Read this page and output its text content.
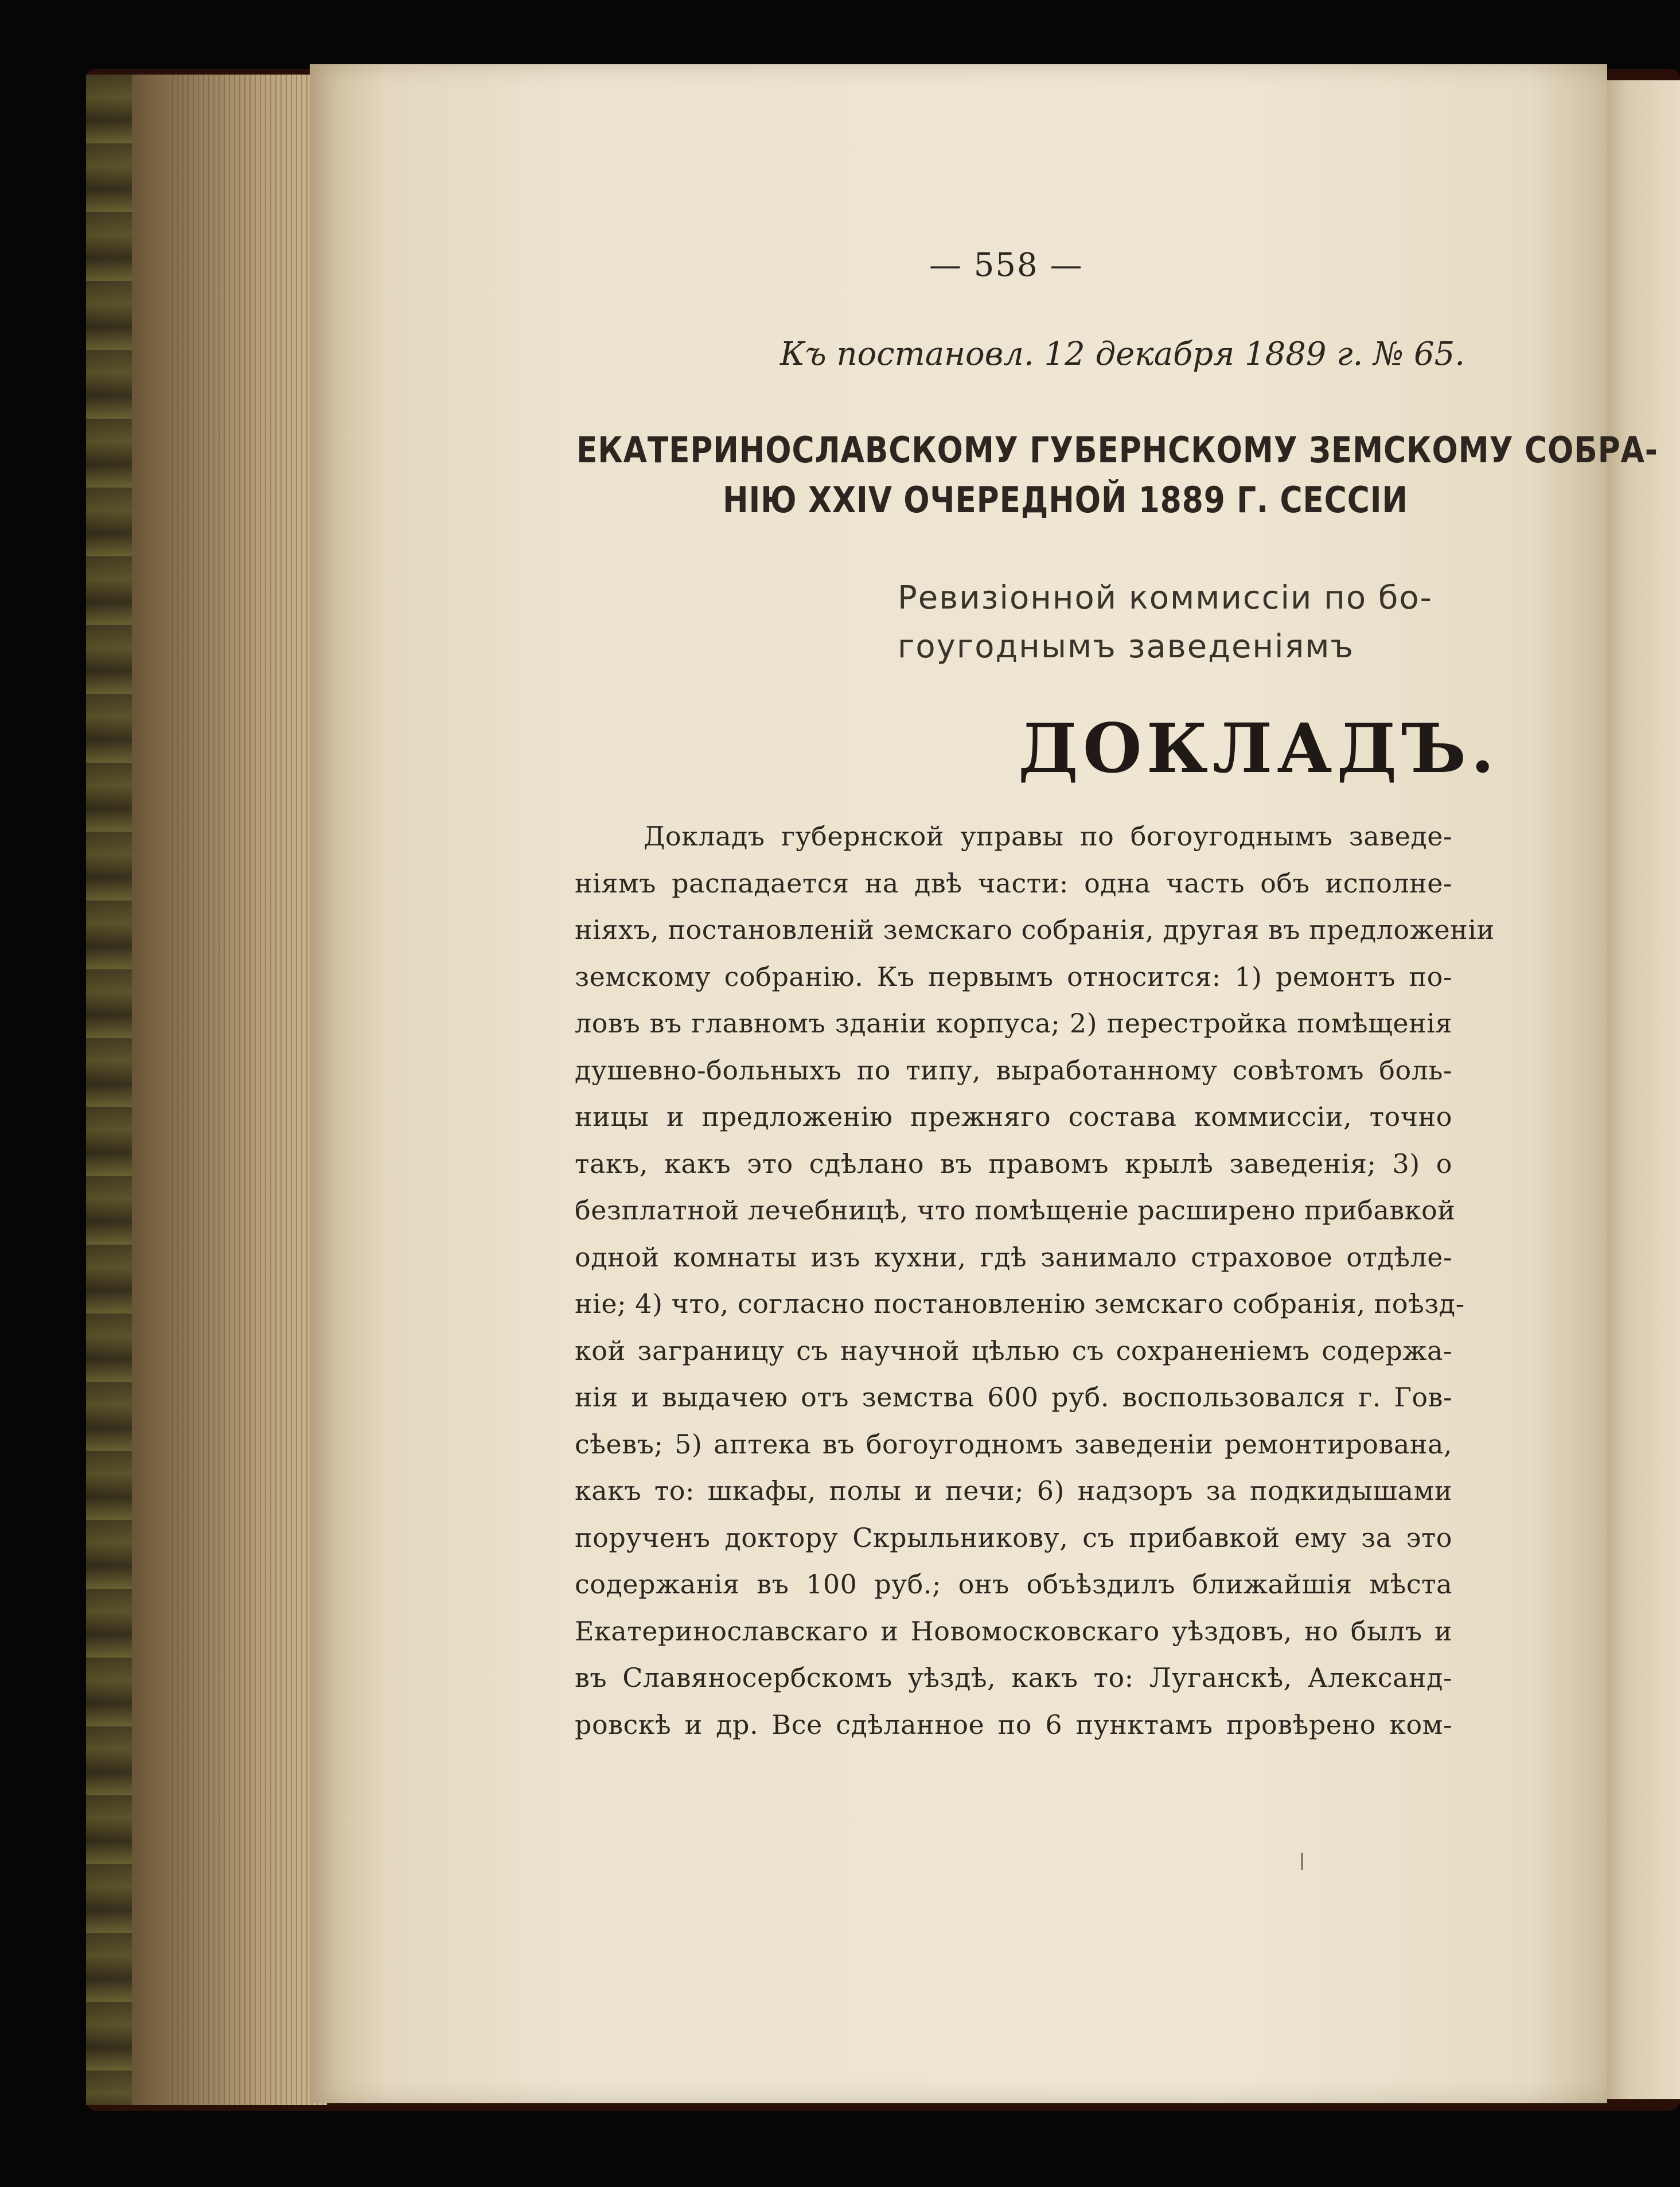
— 558 —
Къ постановл. 12 декабря 1889 г. № 65.
ЕКАТЕРИНОСЛАВСКОМУ ГУБЕРНСКОМУ ЗЕМСКОМУ СОБРА-
НІЮ XXIV ОЧЕРЕДНОЙ 1889 Г. СЕССІИ
Ревизіонной коммиссіи по бо-
гоугоднымъ заведеніямъ
ДОКЛАДЪ.
Докладъ губернской управы по богоугоднымъ заведе-
ніямъ распадается на двѣ части: одна часть объ исполне-
ніяхъ, постановленій земскаго собранія, другая въ предложеніи
земскому собранію. Къ первымъ относится: 1) ремонтъ по-
ловъ въ главномъ зданіи корпуса; 2) перестройка помѣщенія
душевно-больныхъ по типу, выработанному совѣтомъ боль-
ницы и предложенію прежняго состава коммиссіи, точно
такъ, какъ это сдѣлано въ правомъ крылѣ заведенія; 3) о
безплатной лечебницѣ, что помѣщеніе расширено прибавкой
одной комнаты изъ кухни, гдѣ занимало страховое отдѣле-
ніе; 4) что, согласно постановленію земскаго собранія, поѣзд-
кой заграницу съ научной цѣлью съ сохраненіемъ содержа-
нія и выдачею отъ земства 600 руб. воспользовался г. Гов-
сѣевъ; 5) аптека въ богоугодномъ заведеніи ремонтирована,
какъ то: шкафы, полы и печи; 6) надзоръ за подкидышами
порученъ доктору Скрыльникову, съ прибавкой ему за это
содержанія въ 100 руб.; онъ объѣздилъ ближайшія мѣста
Екатеринославскаго и Новомосковскаго уѣздовъ, но былъ и
въ Славяносербскомъ уѣздѣ, какъ то: Луганскѣ, Александ-
ровскѣ и др. Все сдѣланное по 6 пунктамъ провѣрено ком-
